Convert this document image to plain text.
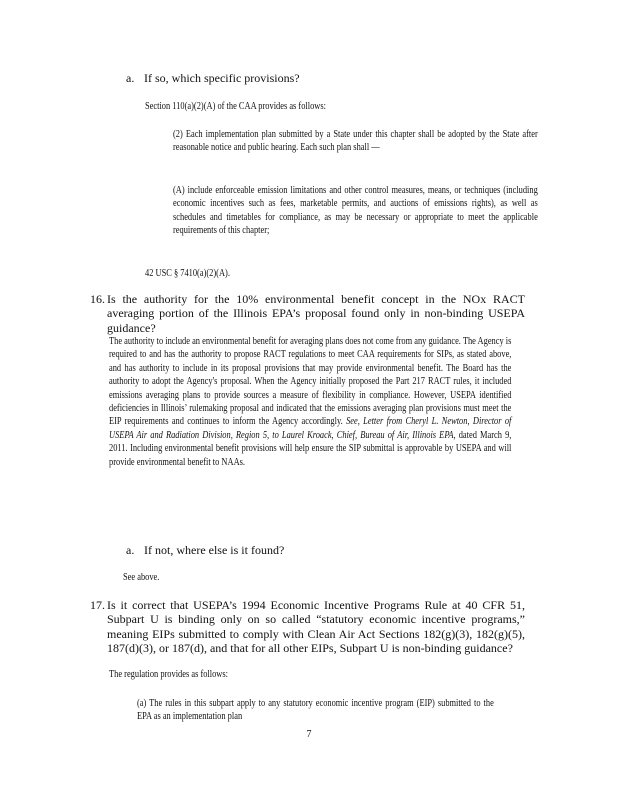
a. If so, which specific provisions?

Section 110(a)(2)(A) of the CAA provides as follows:

(2) Each implementation plan submitted by a State under this chapter shall be adopted by the State after reasonable notice and public hearing. Each such plan shall —

(A) include enforceable emission limitations and other control measures, means, or techniques (including economic incentives such as fees, marketable permits, and auctions of emissions rights), as well as schedules and timetables for compliance, as may be necessary or appropriate to meet the applicable requirements of this chapter;

42 USC § 7410(a)(2)(A).

16. Is the authority for the 10% environmental benefit concept in the NOx RACT averaging portion of the Illinois EPA’s proposal found only in non-binding USEPA guidance?

The authority to include an environmental benefit for averaging plans does not come from any guidance. The Agency is required to and has the authority to propose RACT regulations to meet CAA requirements for SIPs, as stated above, and has authority to include in its proposal provisions that may provide environmental benefit. The Board has the authority to adopt the Agency's proposal. When the Agency initially proposed the Part 217 RACT rules, it included emissions averaging plans to provide sources a measure of flexibility in compliance. However, USEPA identified deficiencies in Illinois’ rulemaking proposal and indicated that the emissions averaging plan provisions must meet the EIP requirements and continues to inform the Agency accordingly. See, Letter from Cheryl L. Newton, Director of USEPA Air and Radiation Division, Region 5, to Laurel Kroack, Chief, Bureau of Air, Illinois EPA, dated March 9, 2011. Including environmental benefit provisions will help ensure the SIP submittal is approvable by USEPA and will provide environmental benefit to NAAs.

a. If not, where else is it found?

See above.

17. Is it correct that USEPA’s 1994 Economic Incentive Programs Rule at 40 CFR 51, Subpart U is binding only on so called “statutory economic incentive programs,” meaning EIPs submitted to comply with Clean Air Act Sections 182(g)(3), 182(g)(5), 187(d)(3), or 187(d), and that for all other EIPs, Subpart U is non-binding guidance?

The regulation provides as follows:

(a) The rules in this subpart apply to any statutory economic incentive program (EIP) submitted to the EPA as an implementation plan

7
